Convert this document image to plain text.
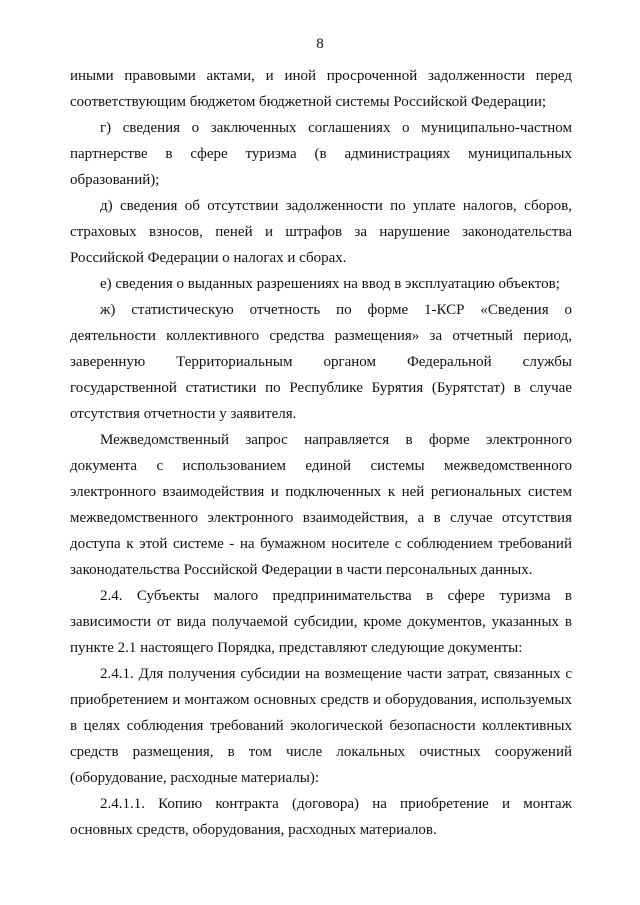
8

иными правовыми актами, и иной просроченной задолженности перед соответствующим бюджетом бюджетной системы Российской Федерации;

г) сведения о заключенных соглашениях о муниципально-частном партнерстве в сфере туризма (в администрациях муниципальных образований);

д) сведения об отсутствии задолженности по уплате налогов, сборов, страховых взносов, пеней и штрафов за нарушение законодательства Российской Федерации о налогах и сборах.

е) сведения о выданных разрешениях на ввод в эксплуатацию объектов;

ж) статистическую отчетность по форме 1-КСР «Сведения о деятельности коллективного средства размещения» за отчетный период, заверенную Территориальным органом Федеральной службы государственной статистики по Республике Бурятия (Бурятстат) в случае отсутствия отчетности у заявителя.

Межведомственный запрос направляется в форме электронного документа с использованием единой системы межведомственного электронного взаимодействия и подключенных к ней региональных систем межведомственного электронного взаимодействия, а в случае отсутствия доступа к этой системе - на бумажном носителе с соблюдением требований законодательства Российской Федерации в части персональных данных.

2.4. Субъекты малого предпринимательства в сфере туризма в зависимости от вида получаемой субсидии, кроме документов, указанных в пункте 2.1 настоящего Порядка, представляют следующие документы:

2.4.1. Для получения субсидии на возмещение части затрат, связанных с приобретением и монтажом основных средств и оборудования, используемых в целях соблюдения требований экологической безопасности коллективных средств размещения, в том числе локальных очистных сооружений (оборудование, расходные материалы):

2.4.1.1. Копию контракта (договора) на приобретение и монтаж основных средств, оборудования, расходных материалов.
